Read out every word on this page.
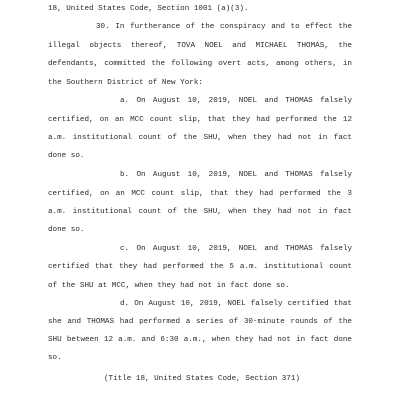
18, United States Code, Section 1001 (a)(3).
30. In furtherance of the conspiracy and to effect the
illegal objects thereof, TOVA NOEL and MICHAEL THOMAS, the
defendants, committed the following overt acts, among others, in
the Southern District of New York:
a. On August 10, 2019, NOEL and THOMAS falsely
certified, on an MCC count slip, that they had performed the 12
a.m. institutional count of the SHU, when they had not in fact
done so.
b. On August 10, 2019, NOEL and THOMAS falsely
certified, on an MCC count slip, that they had performed the 3
a.m. institutional count of the SHU, when they had not in fact
done so.
c. On August 10, 2019, NOEL and THOMAS falsely
certified that they had performed the 5 a.m. institutional count
of the SHU at MCC, when they had not in fact done so.
d. On August 10, 2019, NOEL falsely certified that
she and THOMAS had performed a series of 30-minute rounds of the
SHU between 12 a.m. and 6:30 a.m., when they had not in fact done
so.
(Title 18, United States Code, Section 371)
